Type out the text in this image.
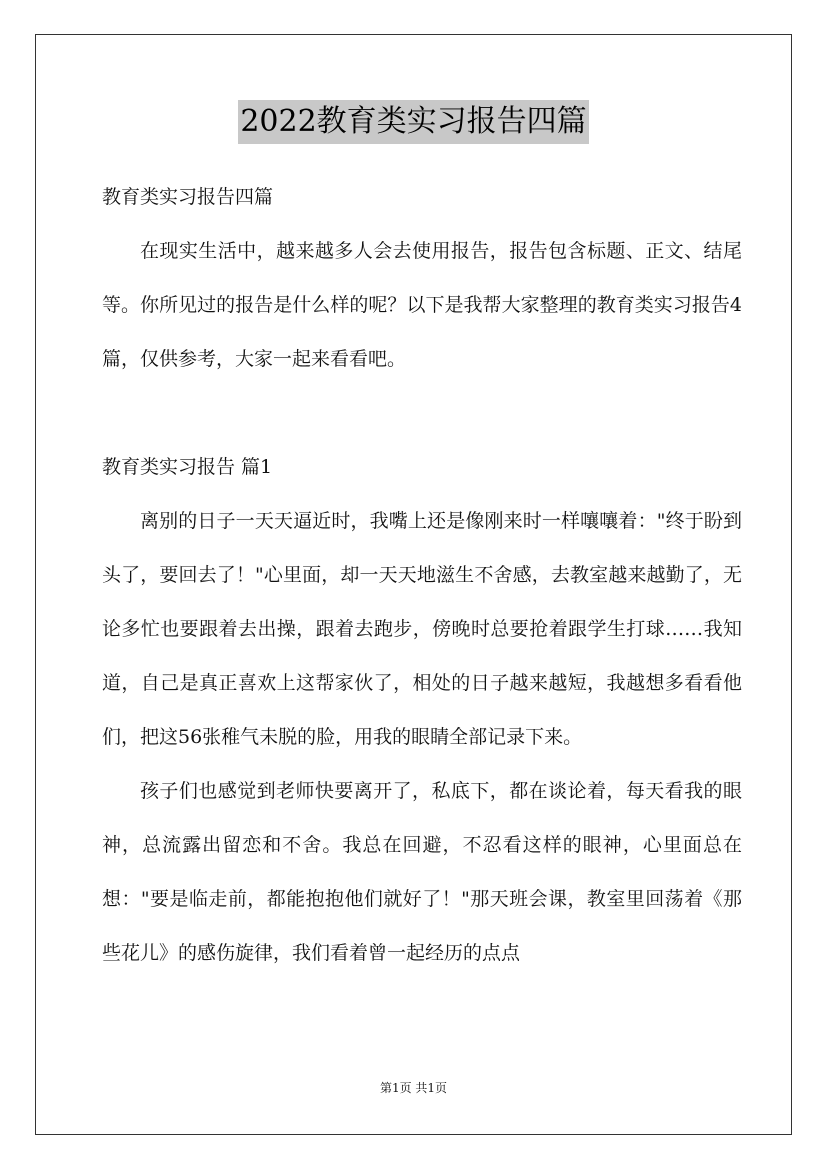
2022教育类实习报告四篇

教育类实习报告四篇

在现实生活中，越来越多人会去使用报告，报告包含标题、正文、结尾等。你所见过的报告是什么样的呢？以下是我帮大家整理的教育类实习报告4篇，仅供参考，大家一起来看看吧。

教育类实习报告 篇1

离别的日子一天天逼近时，我嘴上还是像刚来时一样嚷嚷着："终于盼到头了，要回去了！"心里面，却一天天地滋生不舍感，去教室越来越勤了，无论多忙也要跟着去出操，跟着去跑步，傍晚时总要抢着跟学生打球……我知道，自己是真正喜欢上这帮家伙了，相处的日子越来越短，我越想多看看他们，把这56张稚气未脱的脸，用我的眼睛全部记录下来。

孩子们也感觉到老师快要离开了，私底下，都在谈论着，每天看我的眼神，总流露出留恋和不舍。我总在回避，不忍看这样的眼神，心里面总在想："要是临走前，都能抱抱他们就好了！"那天班会课，教室里回荡着《那些花儿》的感伤旋律，我们看着曾一起经历的点点

第1页 共1页
